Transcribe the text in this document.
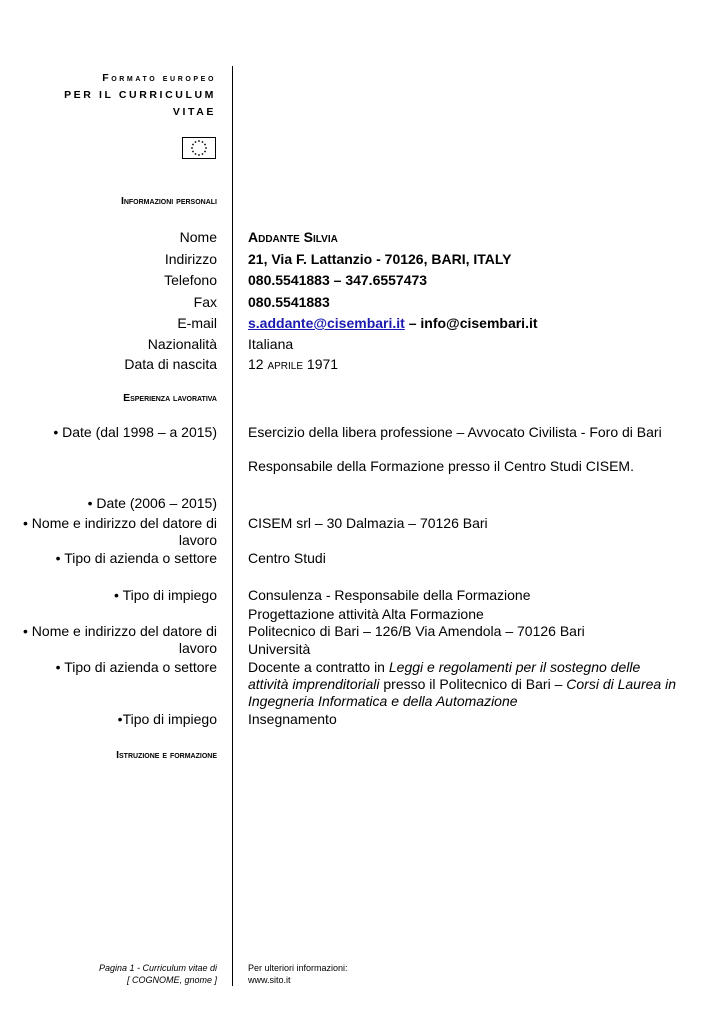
Formato europeo
PER IL CURRICULUM
VITAE
Informazioni personali
Nome Addante Silvia
Indirizzo 21, Via F. Lattanzio - 70126, BARI, ITALY
Telefono 080.5541883 – 347.6557473
Fax 080.5541883
E-mail s.addante@cisembari.it – info@cisembari.it
Nazionalità Italiana
Data di nascita 12 aprile 1971
Esperienza lavorativa
• Date (dal 1998 – a 2015) Esercizio della libera professione – Avvocato Civilista - Foro di Bari
Responsabile della Formazione presso il Centro Studi CISEM.
• Date (2006 – 2015)
• Nome e indirizzo del datore di lavoro
CISEM srl – 30 Dalmazia – 70126 Bari
• Tipo di azienda o settore Centro Studi
• Tipo di impiego Consulenza - Responsabile della Formazione
Progettazione attività Alta Formazione
• Nome e indirizzo del datore di lavoro
Politecnico di Bari – 126/B Via Amendola – 70126 Bari
Università
• Tipo di azienda o settore Docente a contratto in Leggi e regolamenti per il sostegno delle attività imprenditoriali presso il Politecnico di Bari – Corsi di Laurea in Ingegneria Informatica e della Automazione
•Tipo di impiego Insegnamento
Istruzione e formazione
Pagina 1 - Curriculum vitae di
[ COGNOME, gnome ]
Per ulteriori informazioni:
www.sito.it
